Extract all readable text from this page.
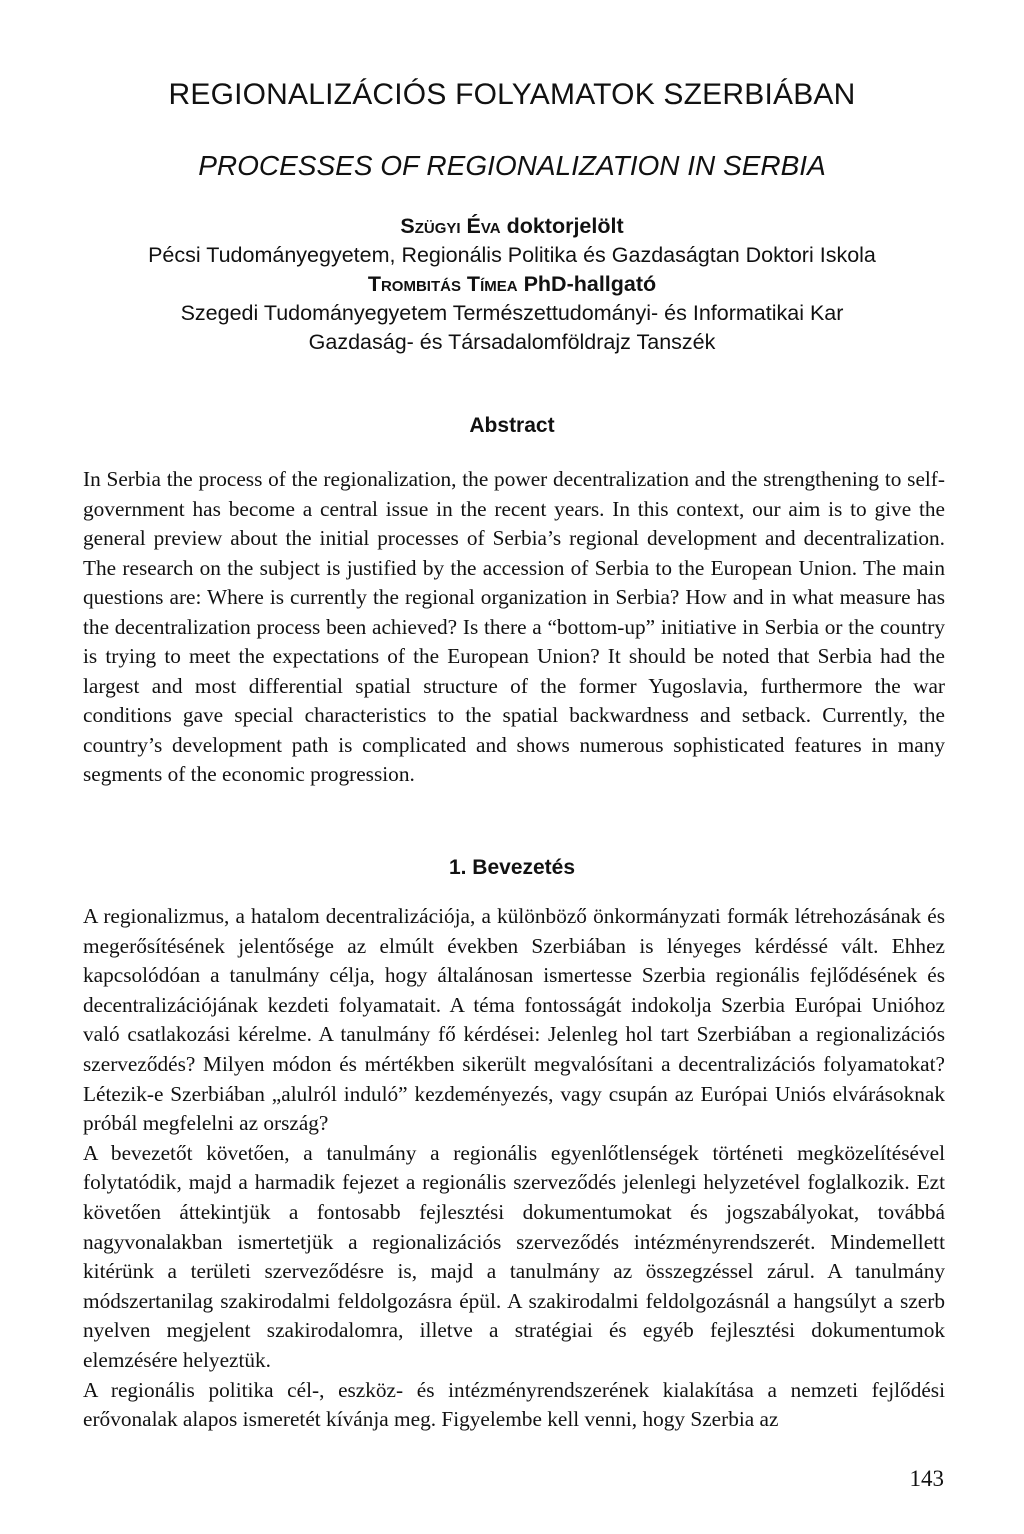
REGIONALIZÁCIÓS FOLYAMATOK SZERBIÁBAN
PROCESSES OF REGIONALIZATION IN SERBIA
Szügyi Éva doktorjelölt
Pécsi Tudományegyetem, Regionális Politika és Gazdaságtan Doktori Iskola
Trombitás Tímea PhD-hallgató
Szegedi Tudományegyetem Természettudományi- és Informatikai Kar
Gazdaság- és Társadalomföldrajz Tanszék
Abstract
In Serbia the process of the regionalization, the power decentralization and the strengthening to self-government has become a central issue in the recent years. In this context, our aim is to give the general preview about the initial processes of Serbia’s regional development and decentralization. The research on the subject is justified by the accession of Serbia to the European Union. The main questions are: Where is currently the regional organization in Serbia? How and in what measure has the decentralization process been achieved? Is there a “bottom-up” initiative in Serbia or the country is trying to meet the expectations of the European Union? It should be noted that Serbia had the largest and most differential spatial structure of the former Yugoslavia, furthermore the war conditions gave special characteristics to the spatial backwardness and setback. Currently, the country’s development path is complicated and shows numerous sophisticated features in many segments of the economic progression.
1. Bevezetés

A regionalizmus, a hatalom decentralizációja, a különböző önkormányzati formák létrehozásának és megerősítésének jelentősége az elmúlt években Szerbiában is lényeges kérdéssé vált. Ehhez kapcsolódóan a tanulmány célja, hogy általánosan ismertesse Szerbia regionális fejlődésének és decentralizációjának kezdeti folyamatait. A téma fontosságát indokolja Szerbia Európai Unióhoz való csatlakozási kérelme. A tanulmány fő kérdései: Jelenleg hol tart Szerbiában a regionalizációs szerveződés? Milyen módon és mértékben sikerült megvalósítani a decentralizációs folyamatokat? Létezik-e Szerbiában „alulról induló” kezdeményezés, vagy csupán az Európai Uniós elvárásoknak próbál megfelelni az ország?

A bevezetőt követően, a tanulmány a regionális egyenlőtlenségek történeti megközelítésével folytatódik, majd a harmadik fejezet a regionális szerveződés jelenlegi helyzetével foglalkozik. Ezt követően áttekintjük a fontosabb fejlesztési dokumentumokat és jogszabályokat, továbbá nagyvonalakban ismertetjük a regionalizációs szerveződés intézményrendszerét. Mindemellett kitérünk a területi szerveződésre is, majd a tanulmány az összegzéssel zárul. A tanulmány módszertanilag szakirodalmi feldolgozásra épül. A szakirodalmi feldolgozásnál a hangsúlyt a szerb nyelven megjelent szakirodalomra, illetve a stratégiai és egyéb fejlesztési dokumentumok elemzésére helyeztük.

A regionális politika cél-, eszköz- és intézményrendszerének kialakítása a nemzeti fejlődési erővonalak alapos ismeretét kívánja meg. Figyelembe kell venni, hogy Szerbia az

143
